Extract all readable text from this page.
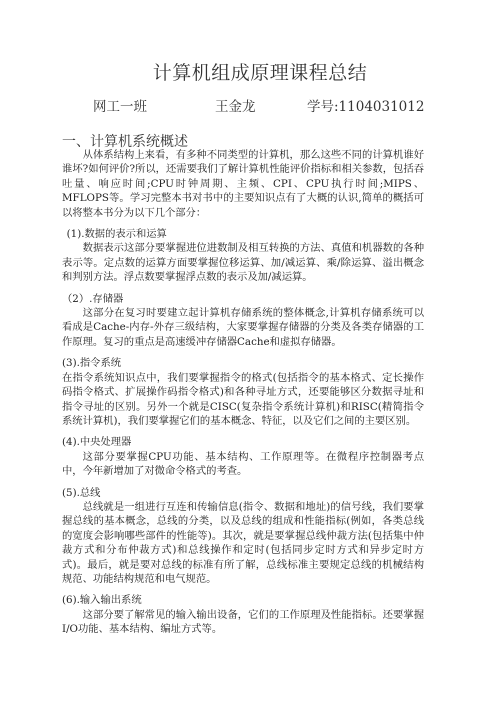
计算机组成原理课程总结
网工一班	王金龙	学号:1104031012
一、计算机系统概述

从体系结构上来看，有多种不同类型的计算机，那么这些不同的计算机谁好谁坏?如何评价?所以，还需要我们了解计算机性能评价指标和相关参数，包括吞吐量、响应时间;CPU时钟周期、主频、CPI、CPU执行时间;MIPS、MFLOPS等。学习完整本书对书中的主要知识点有了大概的认识,简单的概括可以将整本书分为以下几个部分：

(1).数据的表示和运算

数据表示这部分要掌握进位进数制及相互转换的方法、真值和机器数的各种表示等。定点数的运算方面要掌握位移运算、加/减运算、乘/除运算、溢出概念和判别方法。浮点数要掌握浮点数的表示及加/减运算。

（2）.存储器

这部分在复习时要建立起计算机存储系统的整体概念,计算机存储系统可以看成是Cache-内存-外存三级结构，大家要掌握存储器的分类及各类存储器的工作原理。复习的重点是高速缓冲存储器Cache和虚拟存储器。

(3).指令系统

在指令系统知识点中，我们要掌握指令的格式(包括指令的基本格式、定长操作码指令格式、扩展操作码指令格式)和各种寻址方式，还要能够区分数据寻址和指令寻址的区别。另外一个就是CISC(复杂指令系统计算机)和RISC(精简指令系统计算机)，我们要掌握它们的基本概念、特征，以及它们之间的主要区别。

(4).中央处理器

这部分要掌握CPU功能、基本结构、工作原理等。在微程序控制器考点中，今年新增加了对微命令格式的考查。

(5).总线

总线就是一组进行互连和传输信息(指令、数据和地址)的信号线，我们要掌握总线的基本概念，总线的分类，以及总线的组成和性能指标(例如，各类总线的宽度会影响哪些部件的性能等)。其次，就是要掌握总线仲裁方法(包括集中仲裁方式和分布仲裁方式)和总线操作和定时(包括同步定时方式和异步定时方式)。最后，就是要对总线的标准有所了解，总线标准主要规定总线的机械结构规范、功能结构规范和电气规范。

(6).输入输出系统

这部分要了解常见的输入输出设备，它们的工作原理及性能指标。还要掌握I/O功能、基本结构、编址方式等。
